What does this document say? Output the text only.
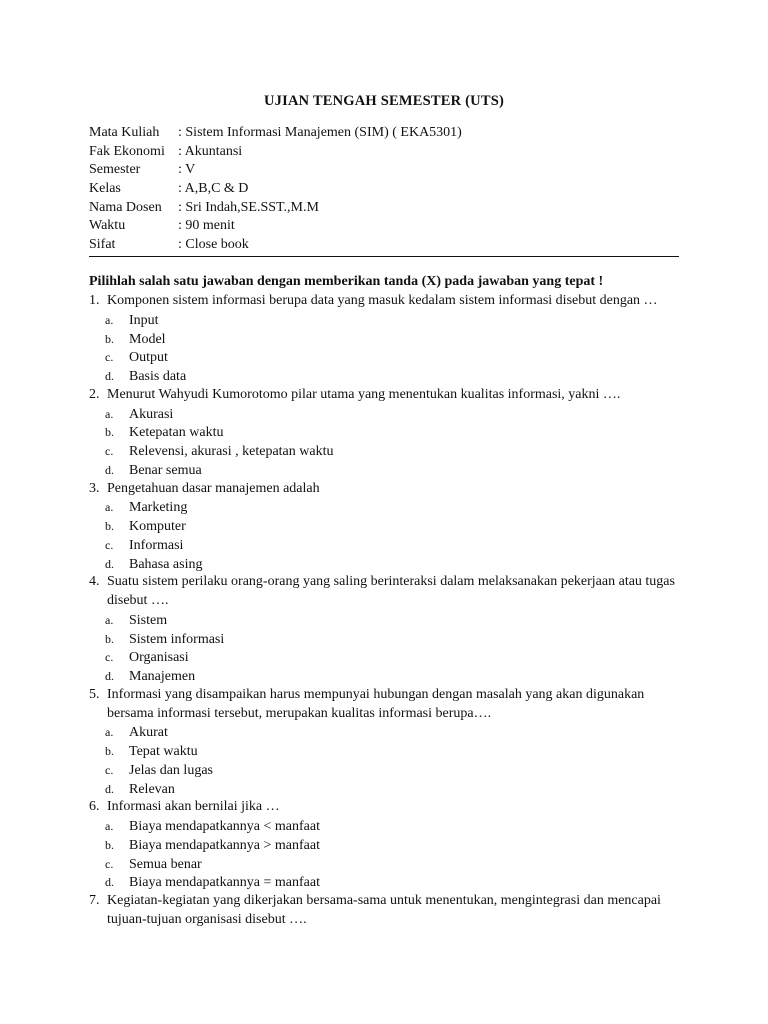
UJIAN TENGAH SEMESTER (UTS)
Mata Kuliah : Sistem Informasi Manajemen (SIM) ( EKA5301)
Fak Ekonomi : Akuntansi
Semester	: V
Kelas	: A,B,C & D
Nama Dosen : Sri Indah,SE.SST.,M.M
Waktu	: 90 menit
Sifat	: Close book
Pilihlah salah satu jawaban dengan memberikan tanda (X) pada jawaban yang tepat !
1. Komponen sistem informasi berupa data yang masuk kedalam sistem informasi disebut dengan …
a. Input
b. Model
c. Output
d. Basis data
2. Menurut Wahyudi Kumorotomo pilar utama yang menentukan kualitas informasi, yakni ….
a. Akurasi
b. Ketepatan waktu
c. Relevensi, akurasi , ketepatan waktu
d. Benar semua
3. Pengetahuan dasar manajemen adalah
a. Marketing
b. Komputer
c. Informasi
d. Bahasa asing
4. Suatu sistem perilaku orang-orang yang saling berinteraksi dalam melaksanakan pekerjaan atau tugas
disebut ….
a. Sistem
b. Sistem informasi
c. Organisasi
d. Manajemen
5. Informasi yang disampaikan harus mempunyai hubungan dengan masalah yang akan digunakan
bersama informasi tersebut, merupakan kualitas informasi berupa….
a. Akurat
b. Tepat waktu
c. Jelas dan lugas
d. Relevan
6. Informasi akan bernilai jika …
a. Biaya mendapatkannya < manfaat
b. Biaya mendapatkannya > manfaat
c. Semua benar
d. Biaya mendapatkannya = manfaat
7. Kegiatan-kegiatan yang dikerjakan bersama-sama untuk menentukan, mengintegrasi dan mencapai
tujuan-tujuan organisasi disebut ….
